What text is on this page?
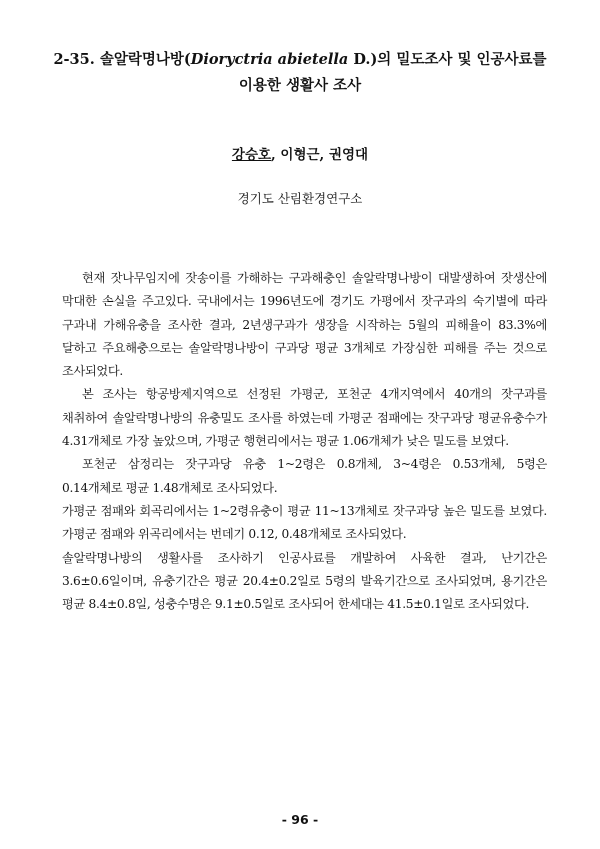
2-35. 솔알락명나방(Dioryctria abietella D.)의 밀도조사 및 인공사료를
이용한 생활사 조사

강승호, 이형근, 권영대

경기도 산림환경연구소

현재 잣나무임지에 잣송이를 가해하는 구과해충인 솔알락명나방이 대발생하여 잣생산에 막대한 손실을 주고있다. 국내에서는 1996년도에 경기도 가평에서 잣구과의 숙기별에 따라 구과내 가해유충을 조사한 결과, 2년생구과가 생장을 시작하는 5월의 피해율이 83.3%에 달하고 주요해충으로는 솔알락명나방이 구과당 평균 3개체로 가장심한 피해를 주는 것으로 조사되었다.

본 조사는 항공방제지역으로 선정된 가평군, 포천군 4개지역에서 40개의 잣구과를 채취하여 솔알락명나방의 유충밀도 조사를 하였는데 가평군 점패에는 잣구과당 평균유충수가 4.31개체로 가장 높았으며, 가평군 행현리에서는 평균 1.06개체가 낮은 밀도를 보였다.

포천군 삼정리는 잣구과당 유충 1~2령은 0.8개체, 3~4령은 0.53개체, 5령은 0.14개체로 평균 1.48개체로 조사되었다.

가평군 점패와 회곡리에서는 1~2령유충이 평균 11~13개체로 잣구과당 높은 밀도를 보였다. 가평군 점패와 위곡리에서는 번데기 0.12, 0.48개체로 조사되었다.

솔알락명나방의 생활사를 조사하기 인공사료를 개발하여 사육한 결과, 난기간은 3.6±0.6일이며, 유충기간은 평균 20.4±0.2일로 5령의 발육기간으로 조사되었며, 용기간은 평균 8.4±0.8일, 성충수명은 9.1±0.5일로 조사되어 한세대는 41.5±0.1일로 조사되었다.

- 96 -
